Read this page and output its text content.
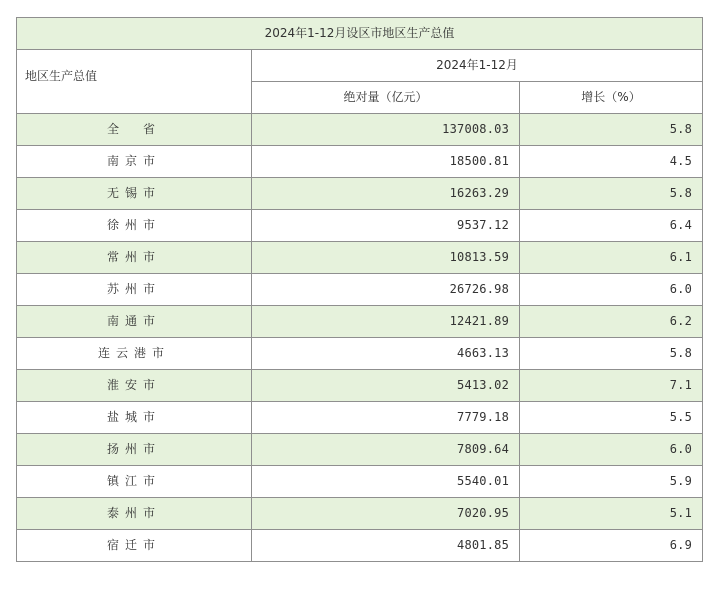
2024年1-12月设区市地区生产总值		
地区生产总值	2024年1-12月	
	绝对量（亿元）	增长（%）
全　省	137008.03	5.8
南京市	18500.81	4.5
无锡市	16263.29	5.8
徐州市	9537.12	6.4
常州市	10813.59	6.1
苏州市	26726.98	6.0
南通市	12421.89	6.2
连云港市	4663.13	5.8
淮安市	5413.02	7.1
盐城市	7779.18	5.5
扬州市	7809.64	6.0
镇江市	5540.01	5.9
泰州市	7020.95	5.1
宿迁市	4801.85	6.9
